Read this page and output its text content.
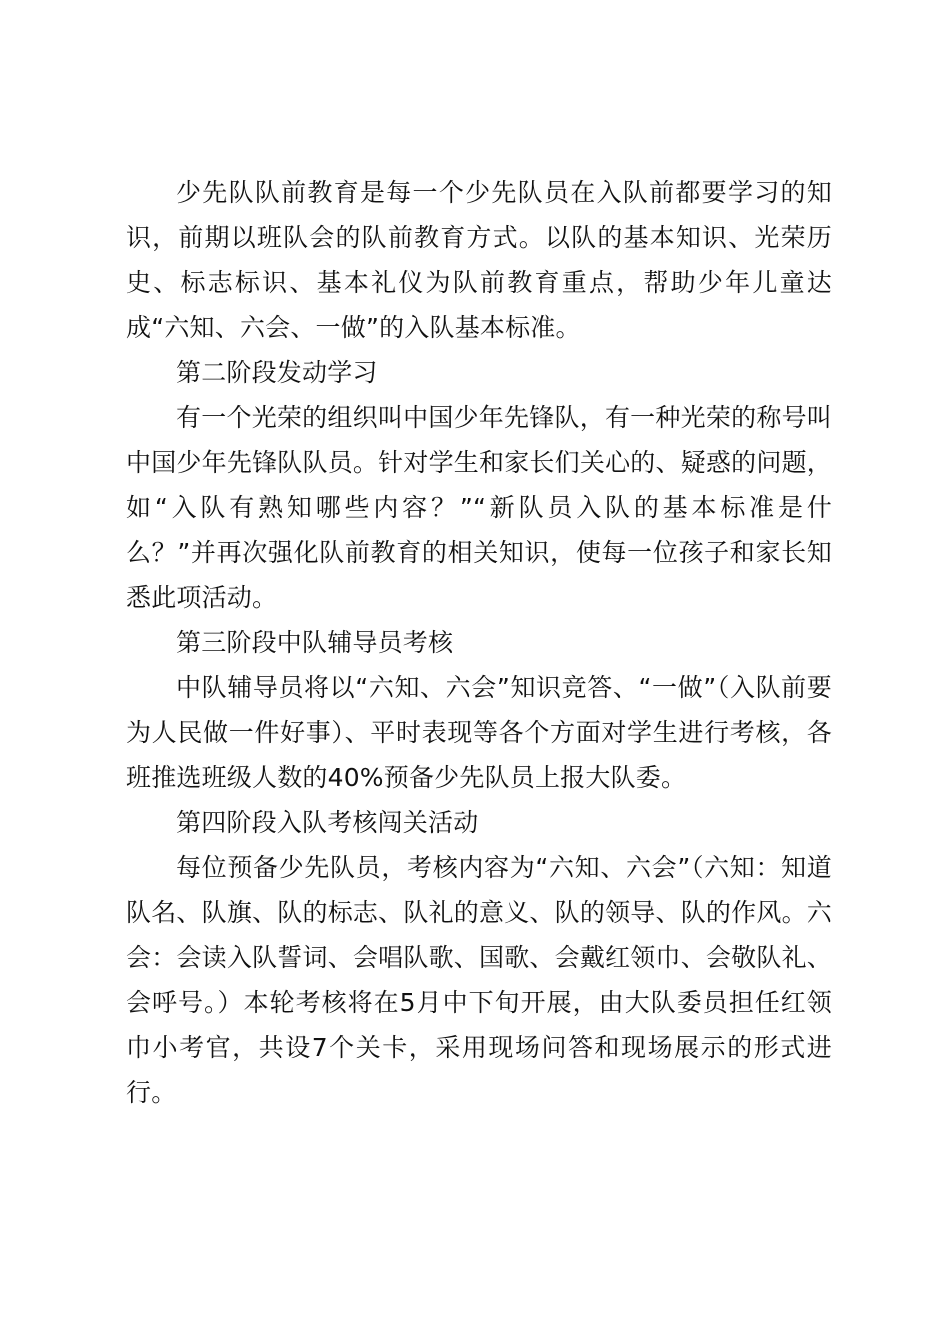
少先队队前教育是每一个少先队员在入队前都要学习的知识，前期以班队会的队前教育方式。以队的基本知识、光荣历史、标志标识、基本礼仪为队前教育重点，帮助少年儿童达成“六知、六会、一做”的入队基本标准。

第二阶段发动学习

有一个光荣的组织叫中国少年先锋队，有一种光荣的称号叫中国少年先锋队队员。针对学生和家长们关心的、疑惑的问题，如“入队有熟知哪些内容？”“新队员入队的基本标准是什么？”并再次强化队前教育的相关知识，使每一位孩子和家长知悉此项活动。

第三阶段中队辅导员考核

中队辅导员将以“六知、六会”知识竞答、“一做”（入队前要为人民做一件好事）、平时表现等各个方面对学生进行考核，各班推选班级人数的40%预备少先队员上报大队委。

第四阶段入队考核闯关活动

每位预备少先队员，考核内容为“六知、六会”（六知：知道队名、队旗、队的标志、队礼的意义、队的领导、队的作风。六会：会读入队誓词、会唱队歌、国歌、会戴红领巾、会敬队礼、会呼号。）本轮考核将在5月中下旬开展，由大队委员担任红领巾小考官，共设7个关卡，采用现场问答和现场展示的形式进行。
